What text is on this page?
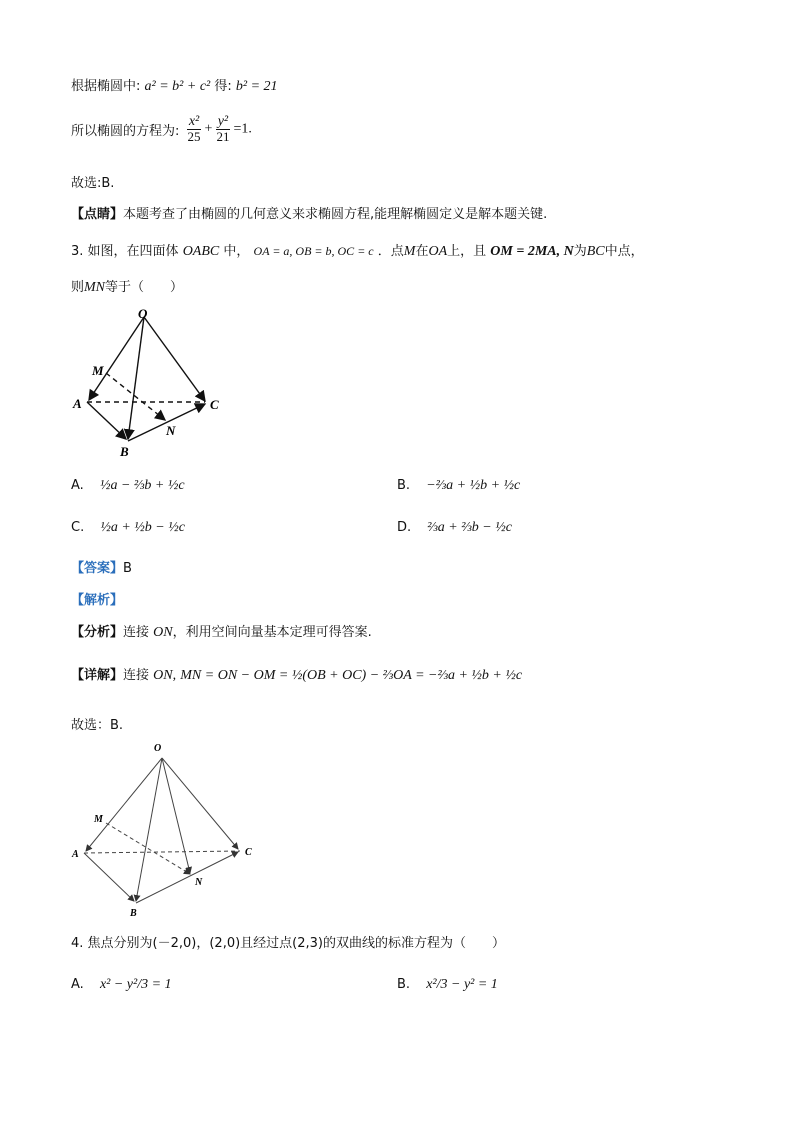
根据椭圆中: a² = b² + c² 得: b² = 21
所以椭圆的方程为: $\frac{\text{x²}}{25} + \frac{\text{y²}}{21} =1$.
故选:B.
【点睛】本题考查了由椭圆的几何意义来求椭圆方程,能理解椭圆定义是解本题关键.
3. 如图，在四面体 OABC 中， OA = a, OB = b, OC = c ．点M在OA上，且 OM = 2MA, N为BC中点，
则MN等于（　　）
O
M
A	C
B
N
A. ½a − ⅔b + ½c	B. −⅔a + ½b + ½c
C. ½a + ½b − ½c	D. ⅔a + ⅔b − ½c
【答案】B
【解析】
【分析】连接 ON，利用空间向量基本定理可得答案.
【详解】连接 ON, MN = ON − OM = ½(OB + OC) − ⅔OA = −⅔a + ½b + ½c
故选：B.
O
M
A	C
B
N
4. 焦点分别为(－2,0)，(2,0)且经过点(2,3)的双曲线的标准方程为（　　）
A. x² − y²/3 = 1	B. x²/3 − y² = 1
